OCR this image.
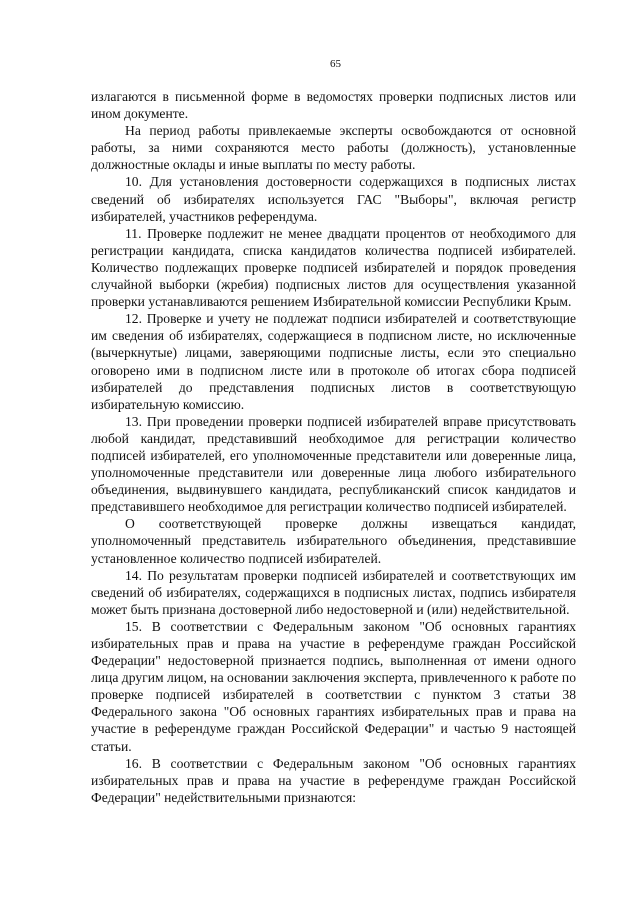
65

излагаются в письменной форме в ведомостях проверки подписных листов или ином документе.

На период работы привлекаемые эксперты освобождаются от основной работы, за ними сохраняются место работы (должность), установленные должностные оклады и иные выплаты по месту работы.

10. Для установления достоверности содержащихся в подписных листах сведений об избирателях используется ГАС "Выборы", включая регистр избирателей, участников референдума.

11. Проверке подлежит не менее двадцати процентов от необходимого для регистрации кандидата, списка кандидатов количества подписей избирателей. Количество подлежащих проверке подписей избирателей и порядок проведения случайной выборки (жребия) подписных листов для осуществления указанной проверки устанавливаются решением Избирательной комиссии Республики Крым.

12. Проверке и учету не подлежат подписи избирателей и соответствующие им сведения об избирателях, содержащиеся в подписном листе, но исключенные (вычеркнутые) лицами, заверяющими подписные листы, если это специально оговорено ими в подписном листе или в протоколе об итогах сбора подписей избирателей до представления подписных листов в соответствующую избирательную комиссию.

13. При проведении проверки подписей избирателей вправе присутствовать любой кандидат, представивший необходимое для регистрации количество подписей избирателей, его уполномоченные представители или доверенные лица, уполномоченные представители или доверенные лица любого избирательного объединения, выдвинувшего кандидата, республиканский список кандидатов и представившего необходимое для регистрации количество подписей избирателей.

О соответствующей проверке должны извещаться кандидат, уполномоченный представитель избирательного объединения, представившие установленное количество подписей избирателей.

14. По результатам проверки подписей избирателей и соответствующих им сведений об избирателях, содержащихся в подписных листах, подпись избирателя может быть признана достоверной либо недостоверной и (или) недействительной.

15. В соответствии с Федеральным законом "Об основных гарантиях избирательных прав и права на участие в референдуме граждан Российской Федерации" недостоверной признается подпись, выполненная от имени одного лица другим лицом, на основании заключения эксперта, привлеченного к работе по проверке подписей избирателей в соответствии с пунктом 3 статьи 38 Федерального закона "Об основных гарантиях избирательных прав и права на участие в референдуме граждан Российской Федерации" и частью 9 настоящей статьи.

16. В соответствии с Федеральным законом "Об основных гарантиях избирательных прав и права на участие в референдуме граждан Российской Федерации" недействительными признаются:
